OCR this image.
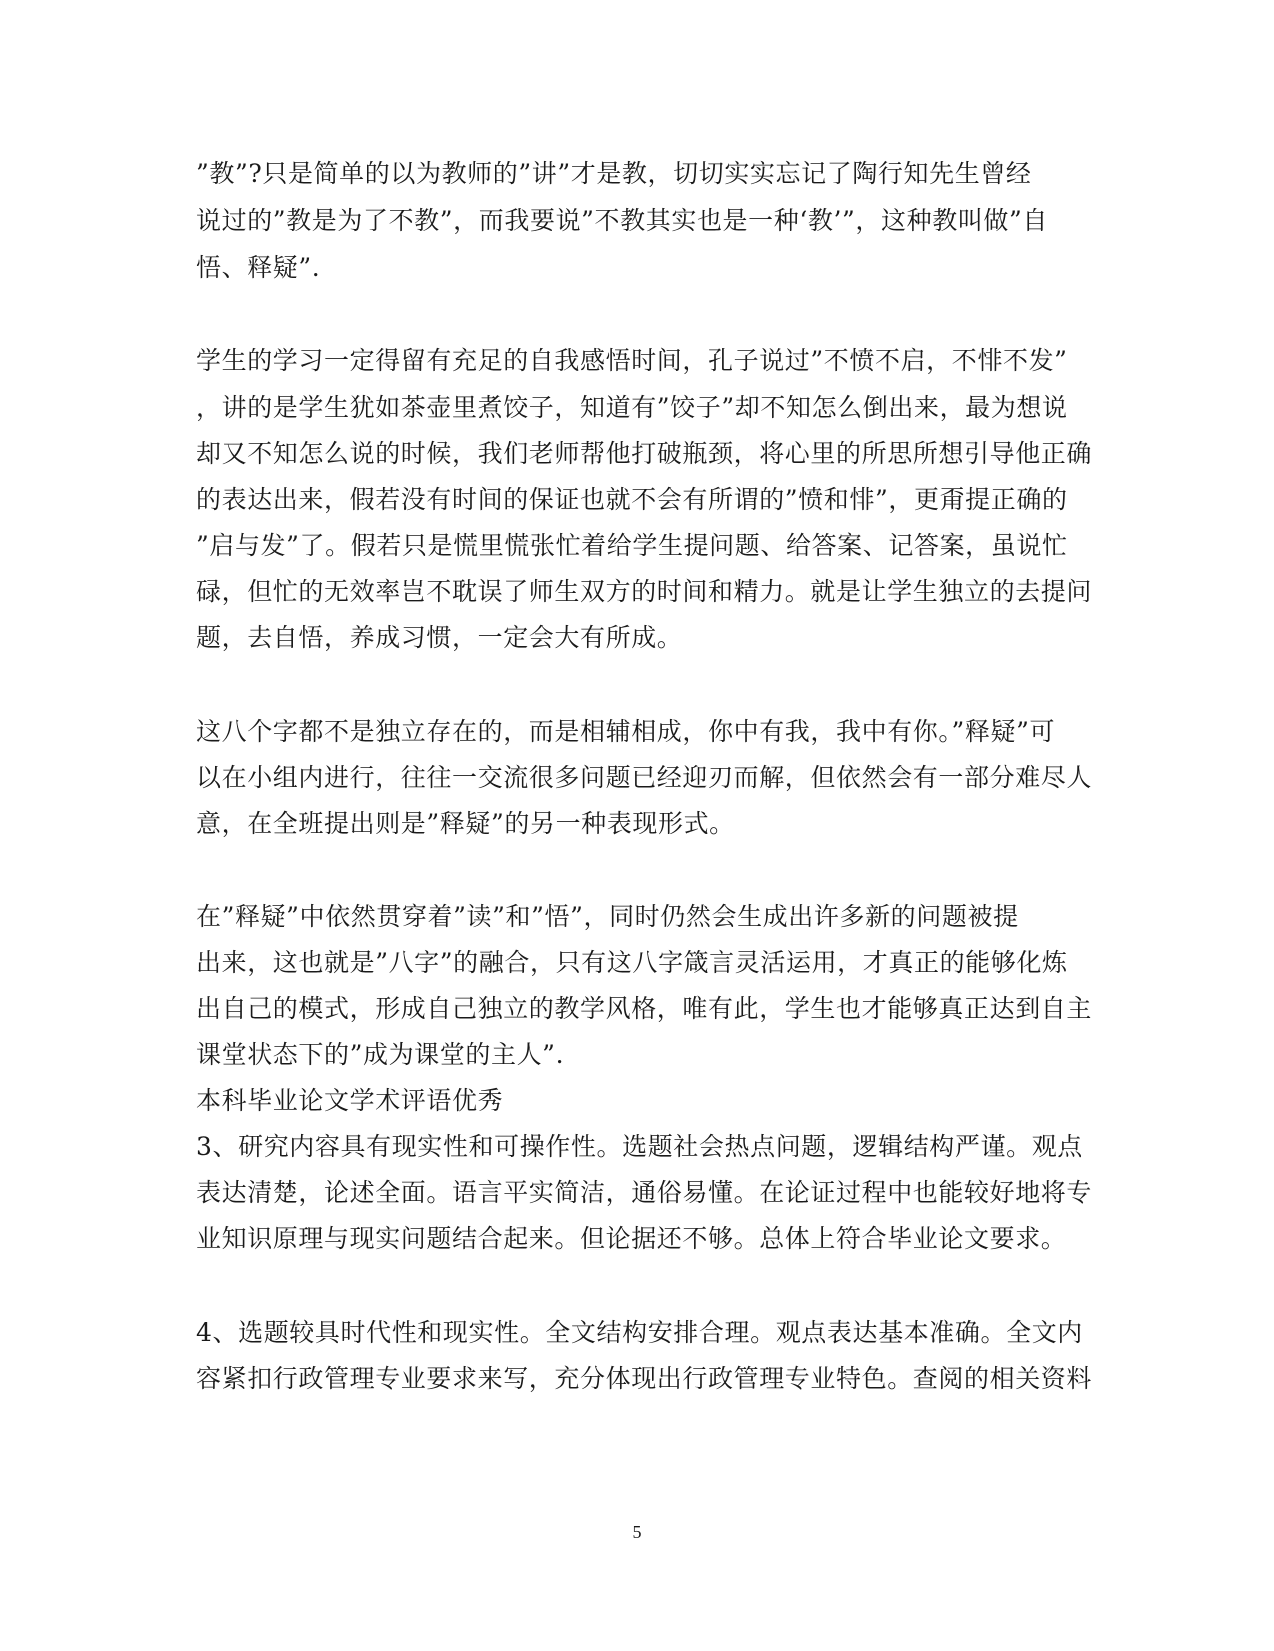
”教”?只是简单的以为教师的”讲”才是教，切切实实忘记了陶行知先生曾经
说过的”教是为了不教”，而我要说”不教其实也是一种‘教’”，这种教叫做”自
悟、释疑”.
学生的学习一定得留有充足的自我感悟时间，孔子说过”不愤不启，不悱不发”
，讲的是学生犹如茶壶里煮饺子，知道有”饺子”却不知怎么倒出来，最为想说
却又不知怎么说的时候，我们老师帮他打破瓶颈，将心里的所思所想引导他正确
的表达出来，假若没有时间的保证也就不会有所谓的”愤和悱”，更甭提正确的
”启与发”了。假若只是慌里慌张忙着给学生提问题、给答案、记答案，虽说忙
碌，但忙的无效率岂不耽误了师生双方的时间和精力。就是让学生独立的去提问
题，去自悟，养成习惯，一定会大有所成。
这八个字都不是独立存在的，而是相辅相成，你中有我，我中有你。”释疑”可
以在小组内进行，往往一交流很多问题已经迎刃而解，但依然会有一部分难尽人
意，在全班提出则是”释疑”的另一种表现形式。
在”释疑”中依然贯穿着”读”和”悟”，同时仍然会生成出许多新的问题被提
出来，这也就是”八字”的融合，只有这八字箴言灵活运用，才真正的能够化炼
出自己的模式，形成自己独立的教学风格，唯有此，学生也才能够真正达到自主
课堂状态下的”成为课堂的主人”.
本科毕业论文学术评语优秀
3、研究内容具有现实性和可操作性。选题社会热点问题，逻辑结构严谨。观点
表达清楚，论述全面。语言平实简洁，通俗易懂。在论证过程中也能较好地将专
业知识原理与现实问题结合起来。但论据还不够。总体上符合毕业论文要求。
4、选题较具时代性和现实性。全文结构安排合理。观点表达基本准确。全文内
容紧扣行政管理专业要求来写，充分体现出行政管理专业特色。查阅的相关资料
5
